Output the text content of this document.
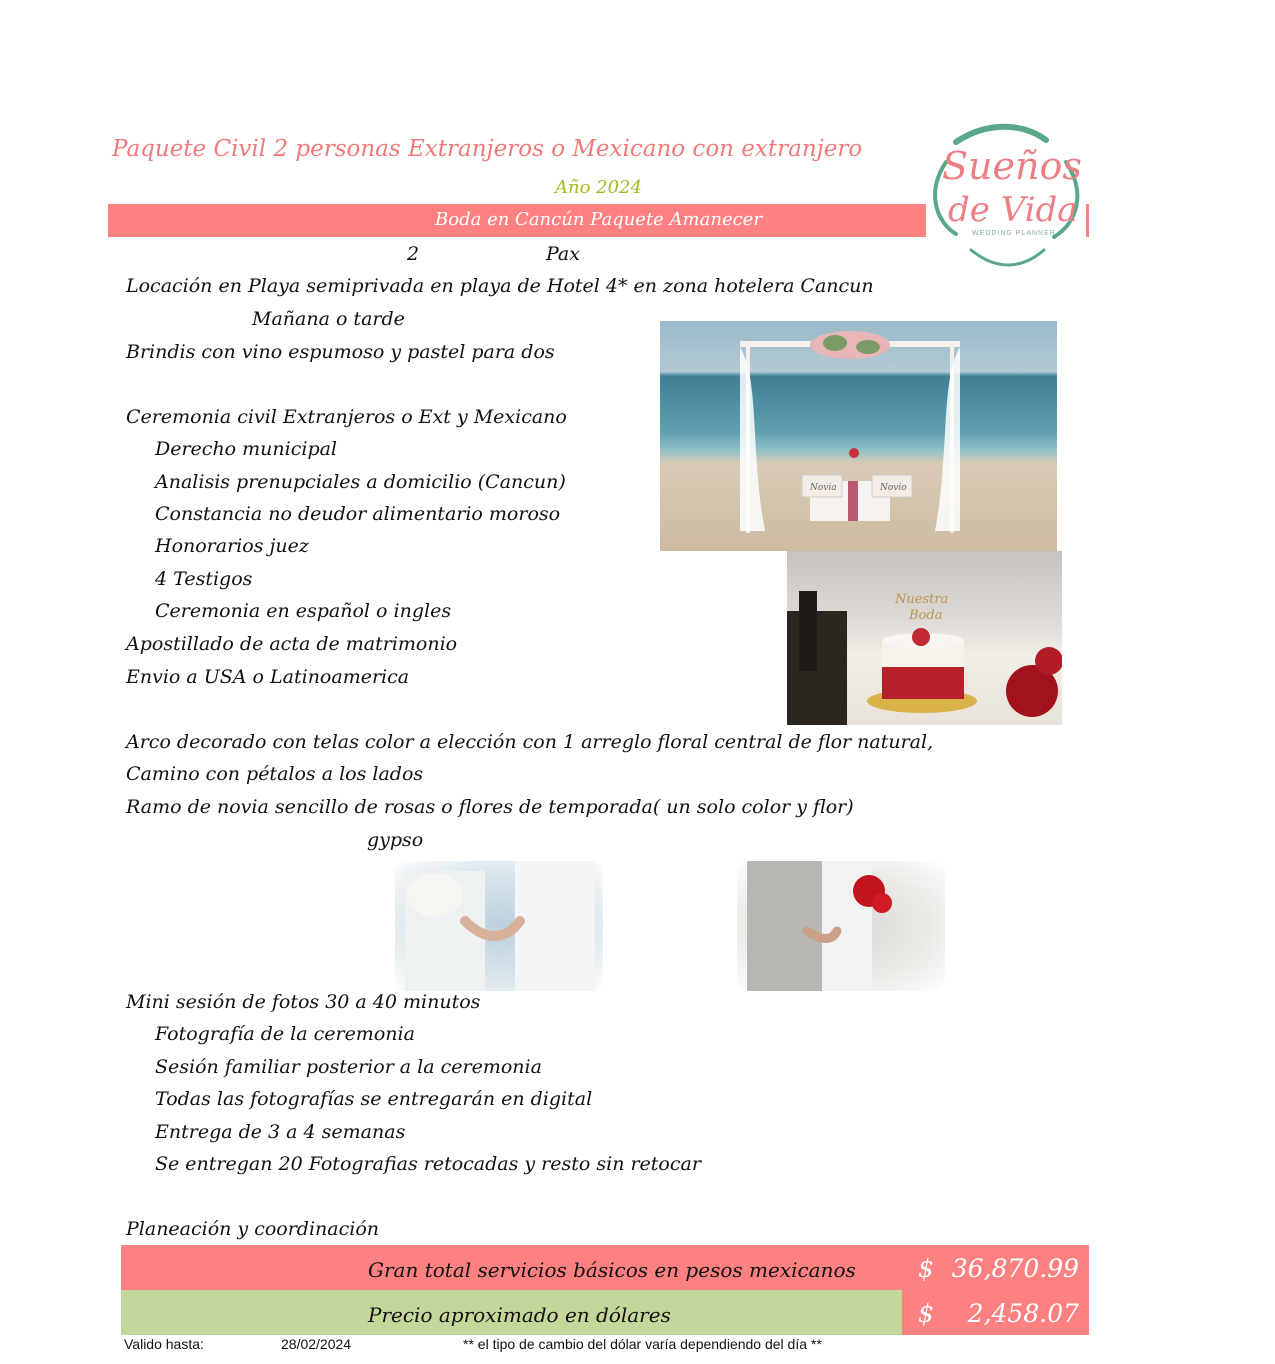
Paquete Civil 2 personas Extranjeros o Mexicano con extranjero
Año 2024
Boda en Cancún Paquete Amanecer
Sueños
de Vida
WEDDING PLANNER
2	Pax
Locación en Playa semiprivada en playa de Hotel 4* en zona hotelera Cancun
Mañana o tarde
Brindis con vino espumoso y pastel para dos
Ceremonia civil Extranjeros o Ext y Mexicano
Derecho municipal
Analisis prenupciales a domicilio (Cancun)
Constancia no deudor alimentario moroso
Honorarios juez
4 Testigos
Ceremonia en español o ingles
Apostillado de acta de matrimonio
Envio a USA o Latinoamerica
Arco decorado con telas color a elección con 1 arreglo floral central de flor natural,
Camino con pétalos a los lados
Ramo de novia sencillo de rosas o flores de temporada( un solo color y flor)
gypso
Mini sesión de fotos 30 a 40 minutos
Fotografía de la ceremonia
Sesión familiar posterior a la ceremonia
Todas las fotografías se entregarán en digital
Entrega de 3 a 4 semanas
Se entregan 20 Fotografias retocadas y resto sin retocar
Planeación y coordinación
Novia	Novio
Nuestra
Boda
Gran total servicios básicos en pesos mexicanos $ 36,870.99
Precio aproximado en dólares	$ 2,458.07
Valido hasta:	28/02/2024	** el tipo de cambio del dólar varía dependiendo del día **
